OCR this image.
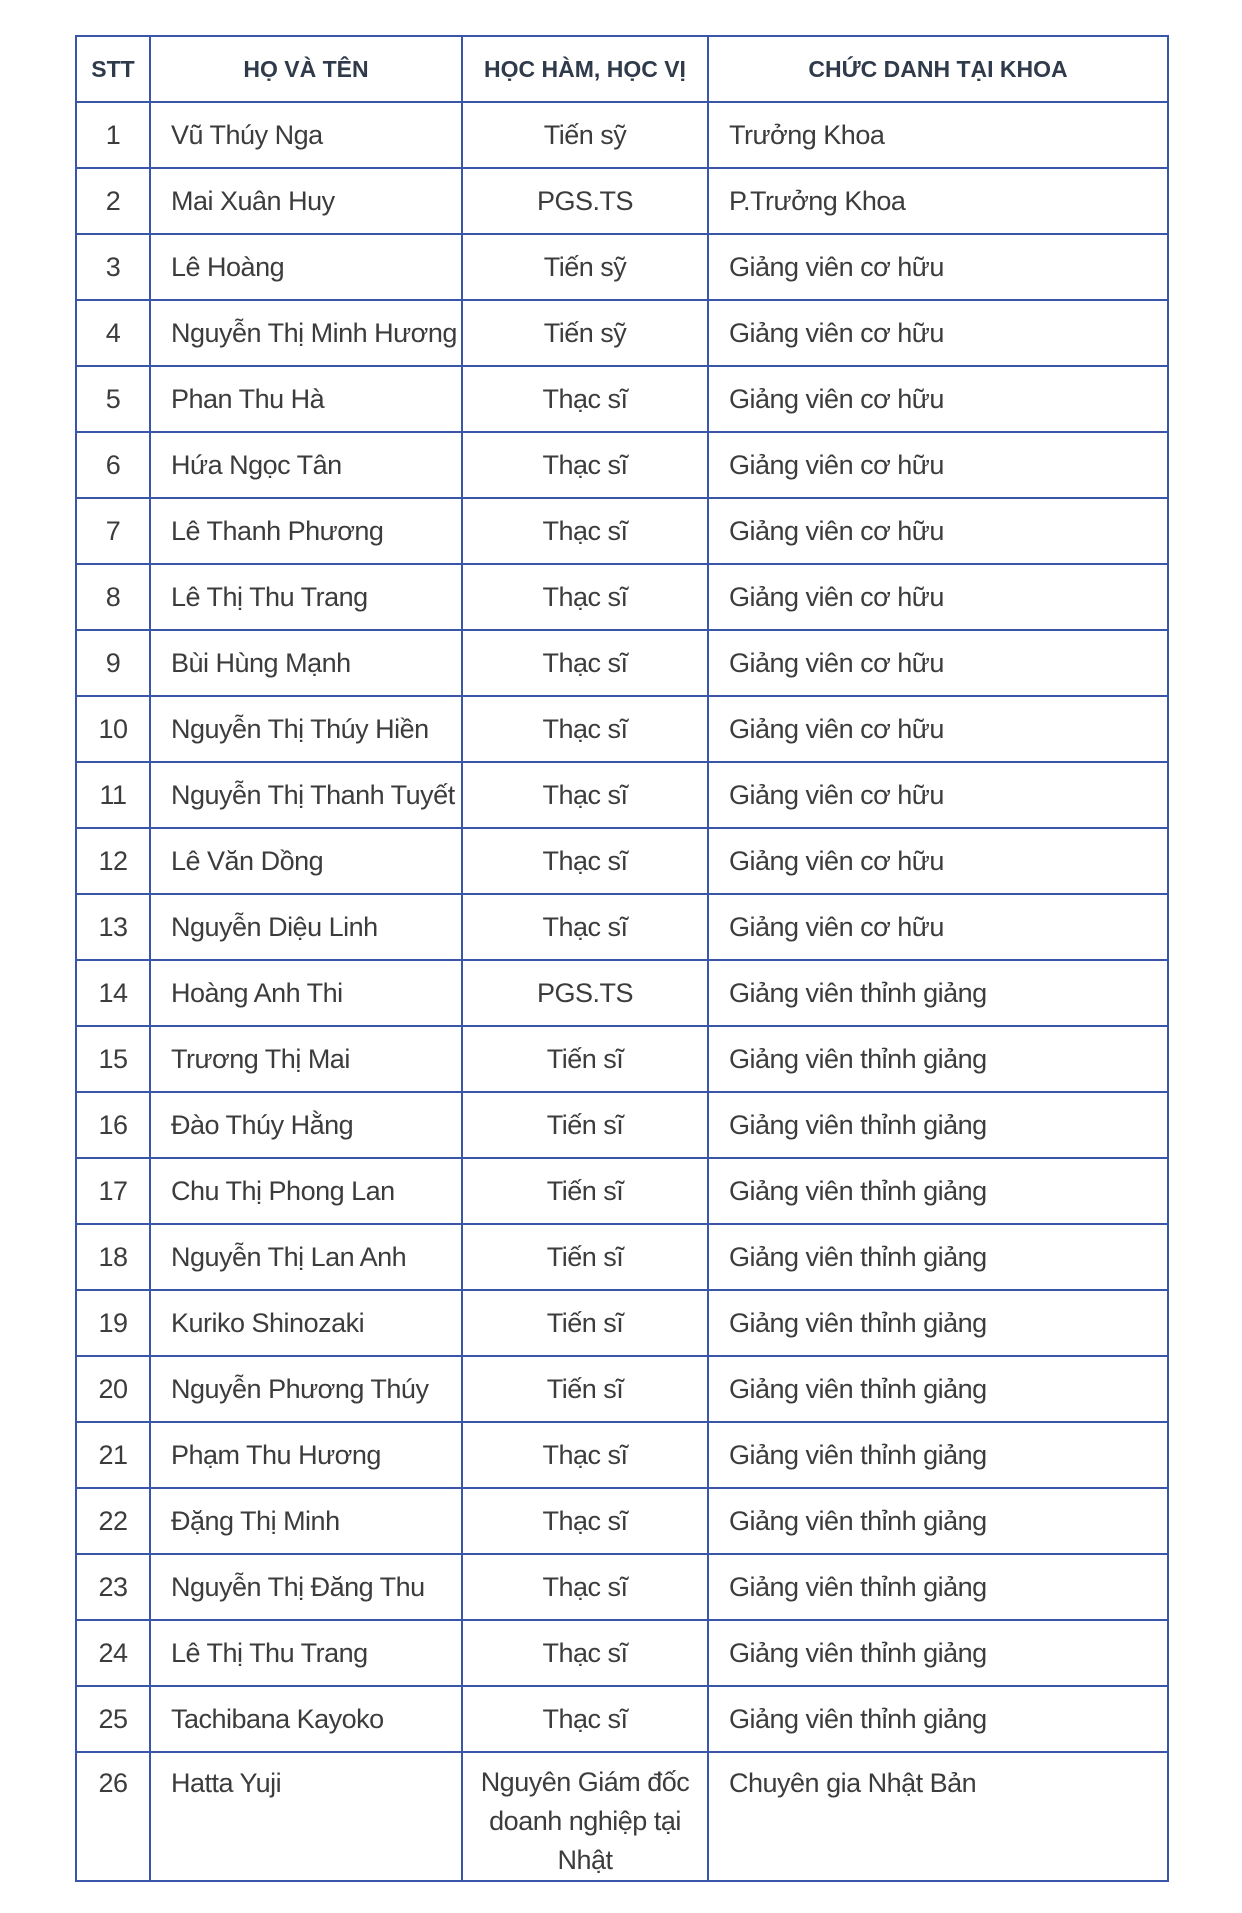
STT	HỌ VÀ TÊN	HỌC HÀM, HỌC VỊ	CHỨC DANH TẠI KHOA
1	Vũ Thúy Nga	Tiến sỹ	Trưởng Khoa
2	Mai Xuân Huy	PGS.TS	P.Trưởng Khoa
3	Lê Hoàng	Tiến sỹ	Giảng viên cơ hữu
4	Nguyễn Thị Minh Hương	Tiến sỹ	Giảng viên cơ hữu
5	Phan Thu Hà	Thạc sĩ	Giảng viên cơ hữu
6	Hứa Ngọc Tân	Thạc sĩ	Giảng viên cơ hữu
7	Lê Thanh Phương	Thạc sĩ	Giảng viên cơ hữu
8	Lê Thị Thu Trang	Thạc sĩ	Giảng viên cơ hữu
9	Bùi Hùng Mạnh	Thạc sĩ	Giảng viên cơ hữu
10	Nguyễn Thị Thúy Hiền	Thạc sĩ	Giảng viên cơ hữu
11	Nguyễn Thị Thanh Tuyết	Thạc sĩ	Giảng viên cơ hữu
12	Lê Văn Dồng	Thạc sĩ	Giảng viên cơ hữu
13	Nguyễn Diệu Linh	Thạc sĩ	Giảng viên cơ hữu
14	Hoàng Anh Thi	PGS.TS	Giảng viên thỉnh giảng
15	Trương Thị Mai	Tiến sĩ	Giảng viên thỉnh giảng
16	Đào Thúy Hằng	Tiến sĩ	Giảng viên thỉnh giảng
17	Chu Thị Phong Lan	Tiến sĩ	Giảng viên thỉnh giảng
18	Nguyễn Thị Lan Anh	Tiến sĩ	Giảng viên thỉnh giảng
19	Kuriko Shinozaki	Tiến sĩ	Giảng viên thỉnh giảng
20	Nguyễn Phương Thúy	Tiến sĩ	Giảng viên thỉnh giảng
21	Phạm Thu Hương	Thạc sĩ	Giảng viên thỉnh giảng
22	Đặng Thị Minh	Thạc sĩ	Giảng viên thỉnh giảng
23	Nguyễn Thị Đăng Thu	Thạc sĩ	Giảng viên thỉnh giảng
24	Lê Thị Thu Trang	Thạc sĩ	Giảng viên thỉnh giảng
25	Tachibana Kayoko	Thạc sĩ	Giảng viên thỉnh giảng
26	Hatta Yuji	Nguyên Giám đốc doanh nghiệp tại Nhật	Chuyên gia Nhật Bản
